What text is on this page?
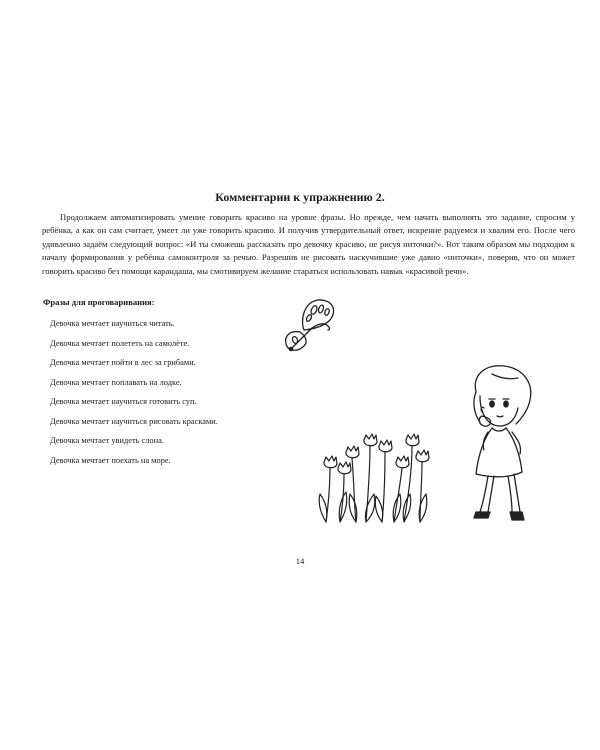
Комментарии к упражнению 2.

Продолжаем автоматизировать умение говорить красиво на уровне фразы. Но прежде, чем начать выполнять это задание, спросим у ребёнка, а как он сам считает, умеет ли уже говорить красиво. И получив утвердительный ответ, искренне радуемся и хвалим его. После чего удивленно задаём следующий вопрос: «И ты сможешь рассказать про девочку красиво, не рисуя ниточки?». Вот таким образом мы подходим к началу формирования у ребёнка самоконтроля за речью. Разрешив не рисовать наскучившие уже давно «ниточки», поверив, что он может говорить красиво без помощи карандаша, мы смотивируем желание стараться использовать навык «красивой речи».

Фразы для проговаривания:
Девочка мечтает научиться читать.
Девочка мечтает полететь на самолёте.
Девочка мечтает пойти в лес за грибами.
Девочка мечтает поплавать на лодке.
Девочка мечтает научиться готовить суп.
Девочка мечтает научиться рисовать красками.
Девочка мечтает увидеть слона.
Девочка мечтает поехать на море.
14
